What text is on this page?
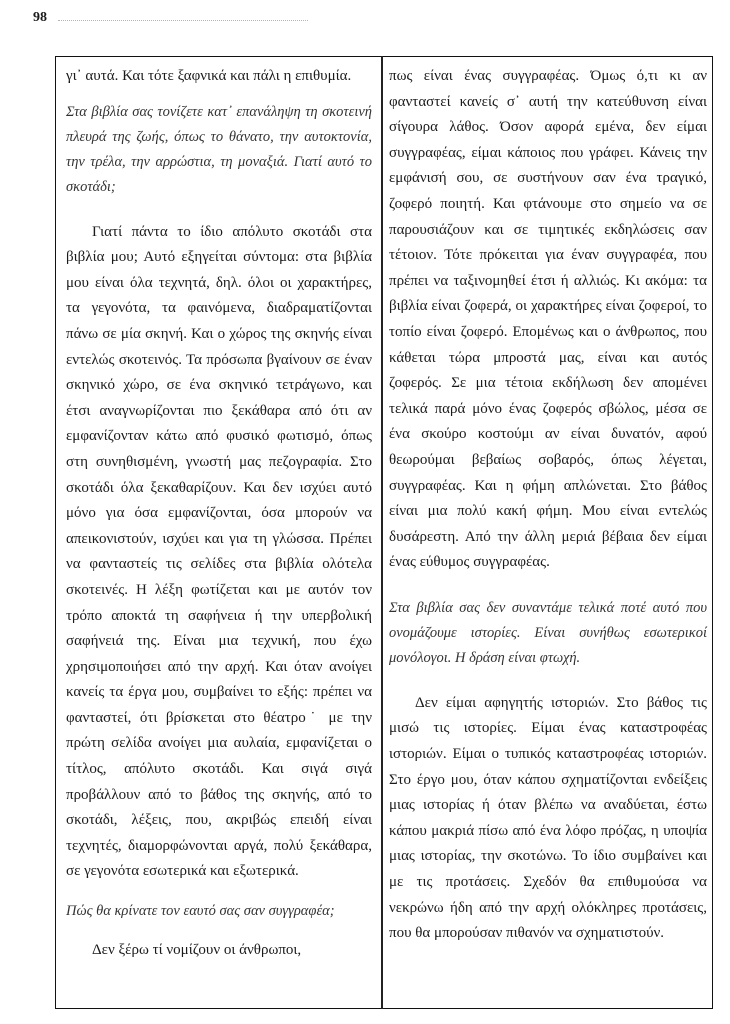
98

γι᾽ αυτά. Και τότε ξαφνικά και πάλι η επιθυμία.

Στα βιβλία σας τονίζετε κατ᾽ επανάληψη τη σκοτεινή πλευρά της ζωής, όπως το θάνατο, την αυτοκτονία, την τρέλα, την αρρώστια, τη μοναξιά. Γιατί αυτό το σκοτάδι;

Γιατί πάντα το ίδιο απόλυτο σκοτάδι στα βιβλία μου; Αυτό εξηγείται σύντομα: στα βιβλία μου είναι όλα τεχνητά, δηλ. όλοι οι χαρακτήρες, τα γεγονότα, τα φαινόμενα, διαδραματίζονται πάνω σε μία σκηνή. Και ο χώρος της σκηνής είναι εντελώς σκοτεινός. Τα πρόσωπα βγαίνουν σε έναν σκηνικό χώρο, σε ένα σκηνικό τετράγωνο, και έτσι αναγνωρίζονται πιο ξεκάθαρα από ότι αν εμφανίζονταν κάτω από φυσικό φωτισμό, όπως στη συνηθισμένη, γνωστή μας πεζογραφία. Στο σκοτάδι όλα ξεκαθαρίζουν. Και δεν ισχύει αυτό μόνο για όσα εμφανίζονται, όσα μπορούν να απεικονιστούν, ισχύει και για τη γλώσσα. Πρέπει να φανταστείς τις σελίδες στα βιβλία ολότελα σκοτεινές. Η λέξη φωτίζεται και με αυτόν τον τρόπο αποκτά τη σαφήνεια ή την υπερβολική σαφήνειά της. Είναι μια τεχνική, που έχω χρησιμοποιήσει από την αρχή. Και όταν ανοίγει κανείς τα έργα μου, συμβαίνει το εξής: πρέπει να φανταστεί, ότι βρίσκεται στο θέατρο˙ με την πρώτη σελίδα ανοίγει μια αυλαία, εμφανίζεται ο τίτλος, απόλυτο σκοτάδι. Και σιγά σιγά προβάλλουν από το βάθος της σκηνής, από το σκοτάδι, λέξεις, που, ακριβώς επειδή είναι τεχνητές, διαμορφώνονται αργά, πολύ ξεκάθαρα, σε γεγονότα εσωτερικά και εξωτερικά.

Πώς θα κρίνατε τον εαυτό σας σαν συγγραφέα;

Δεν ξέρω τί νομίζουν οι άνθρωποι,

πως είναι ένας συγγραφέας. Όμως ό,τι κι αν φανταστεί κανείς σ᾽ αυτή την κατεύθυνση είναι σίγουρα λάθος. Όσον αφορά εμένα, δεν είμαι συγγραφέας, είμαι κάποιος που γράφει. Κάνεις την εμφάνισή σου, σε συστήνουν σαν ένα τραγικό, ζοφερό ποιητή. Και φτάνουμε στο σημείο να σε παρουσιάζουν και σε τιμητικές εκδηλώσεις σαν τέτοιον. Τότε πρόκειται για έναν συγγραφέα, που πρέπει να ταξινομηθεί έτσι ή αλλιώς. Κι ακόμα: τα βιβλία είναι ζοφερά, οι χαρακτήρες είναι ζοφεροί, το τοπίο είναι ζοφερό. Επομένως και ο άνθρωπος, που κάθεται τώρα μπροστά μας, είναι και αυτός ζοφερός. Σε μια τέτοια εκδήλωση δεν απομένει τελικά παρά μόνο ένας ζοφερός σβώλος, μέσα σε ένα σκούρο κοστούμι αν είναι δυνατόν, αφού θεωρούμαι βεβαίως σοβαρός, όπως λέγεται, συγγραφέας. Και η φήμη απλώνεται. Στο βάθος είναι μια πολύ κακή φήμη. Μου είναι εντελώς δυσάρεστη. Από την άλλη μεριά βέβαια δεν είμαι ένας εύθυμος συγγραφέας.

Στα βιβλία σας δεν συναντάμε τελικά ποτέ αυτό που ονομάζουμε ιστορίες. Είναι συνήθως εσωτερικοί μονόλογοι. Η δράση είναι φτωχή.

Δεν είμαι αφηγητής ιστοριών. Στο βάθος τις μισώ τις ιστορίες. Είμαι ένας καταστροφέας ιστοριών. Είμαι ο τυπικός καταστροφέας ιστοριών. Στο έργο μου, όταν κάπου σχηματίζονται ενδείξεις μιας ιστορίας ή όταν βλέπω να αναδύεται, έστω κάπου μακριά πίσω από ένα λόφο πρόζας, η υποψία μιας ιστορίας, την σκοτώνω. Το ίδιο συμβαίνει και με τις προτάσεις. Σχεδόν θα επιθυμούσα να νεκρώνω ήδη από την αρχή ολόκληρες προτάσεις, που θα μπορούσαν πιθανόν να σχηματιστούν.
